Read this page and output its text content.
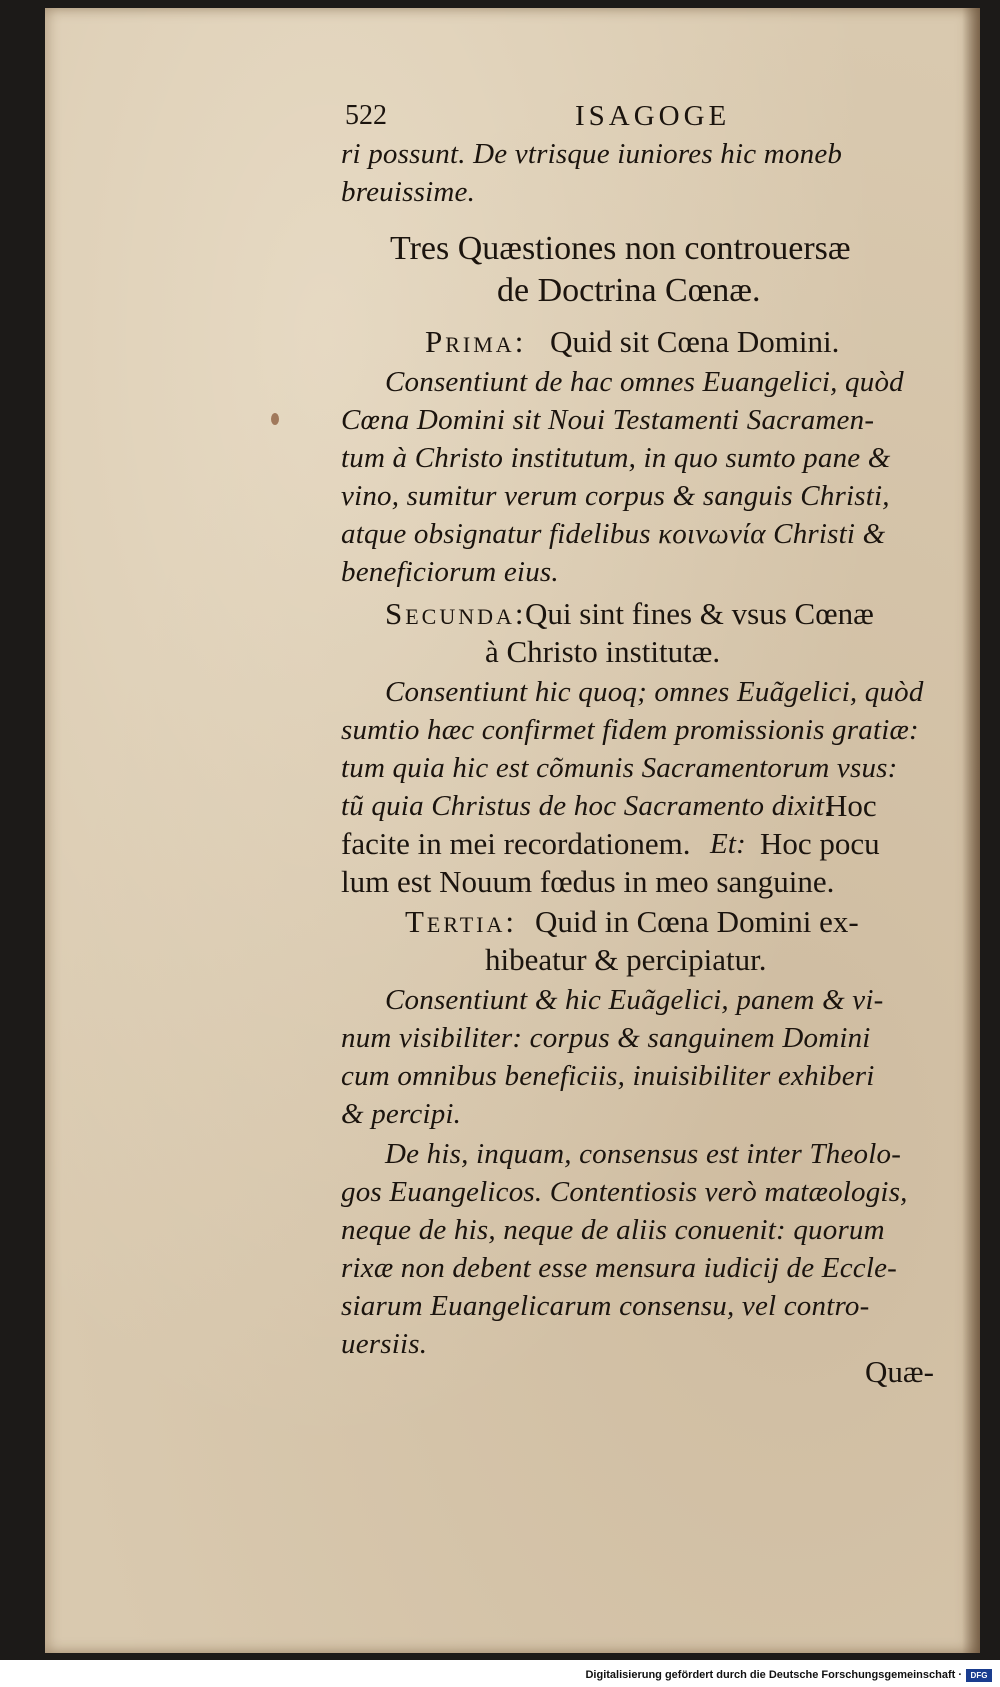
522	ISAGOGE
ri possunt. De vtrisque iuniores hic moneb
breuissime.
Tres Quæstiones non controuersæ
de Doctrina Cœnæ.
Prima: Quid sit Cœna Domini.
Consentiunt de hac omnes Euangelici, quòd
Cœna Domini sit Noui Testamenti Sacramen-
tum à Christo institutum, in quo sumto pane &
vino, sumitur verum corpus & sanguis Christi,
atque obsignatur fidelibus κοινωνία Christi &
beneficiorum eius.
Secunda:
Qui sint fines & vsus Cœnæ
à Christo institutæ.
Consentiunt hic quoq; omnes Euãgelici, quòd
sumtio hæc confirmet fidem promissionis gratiæ:
tum quia hic est cõmunis Sacramentorum vsus:
tũ quia Christus de hoc Sacramento dixit:
Hoc
facite in mei recordationem. Et: Hoc pocu
lum est Nouum fœdus in meo sanguine.
Tertia: Quid in Cœna Domini ex-
hibeatur & percipiatur.
Consentiunt & hic Euãgelici, panem & vi-
num visibiliter: corpus & sanguinem Domini
cum omnibus beneficiis, inuisibiliter exhiberi
& percipi.
De his, inquam, consensus est inter Theolo-
gos Euangelicos. Contentiosis verò matæologis,
neque de his, neque de aliis conuenit: quorum
rixæ non debent esse mensura iudicij de Eccle-
siarum Euangelicarum consensu, vel contro-
uersiis.
Quæ-
Digitalisierung gefördert durch die Deutsche Forschungsgemeinschaft ·	DFG
